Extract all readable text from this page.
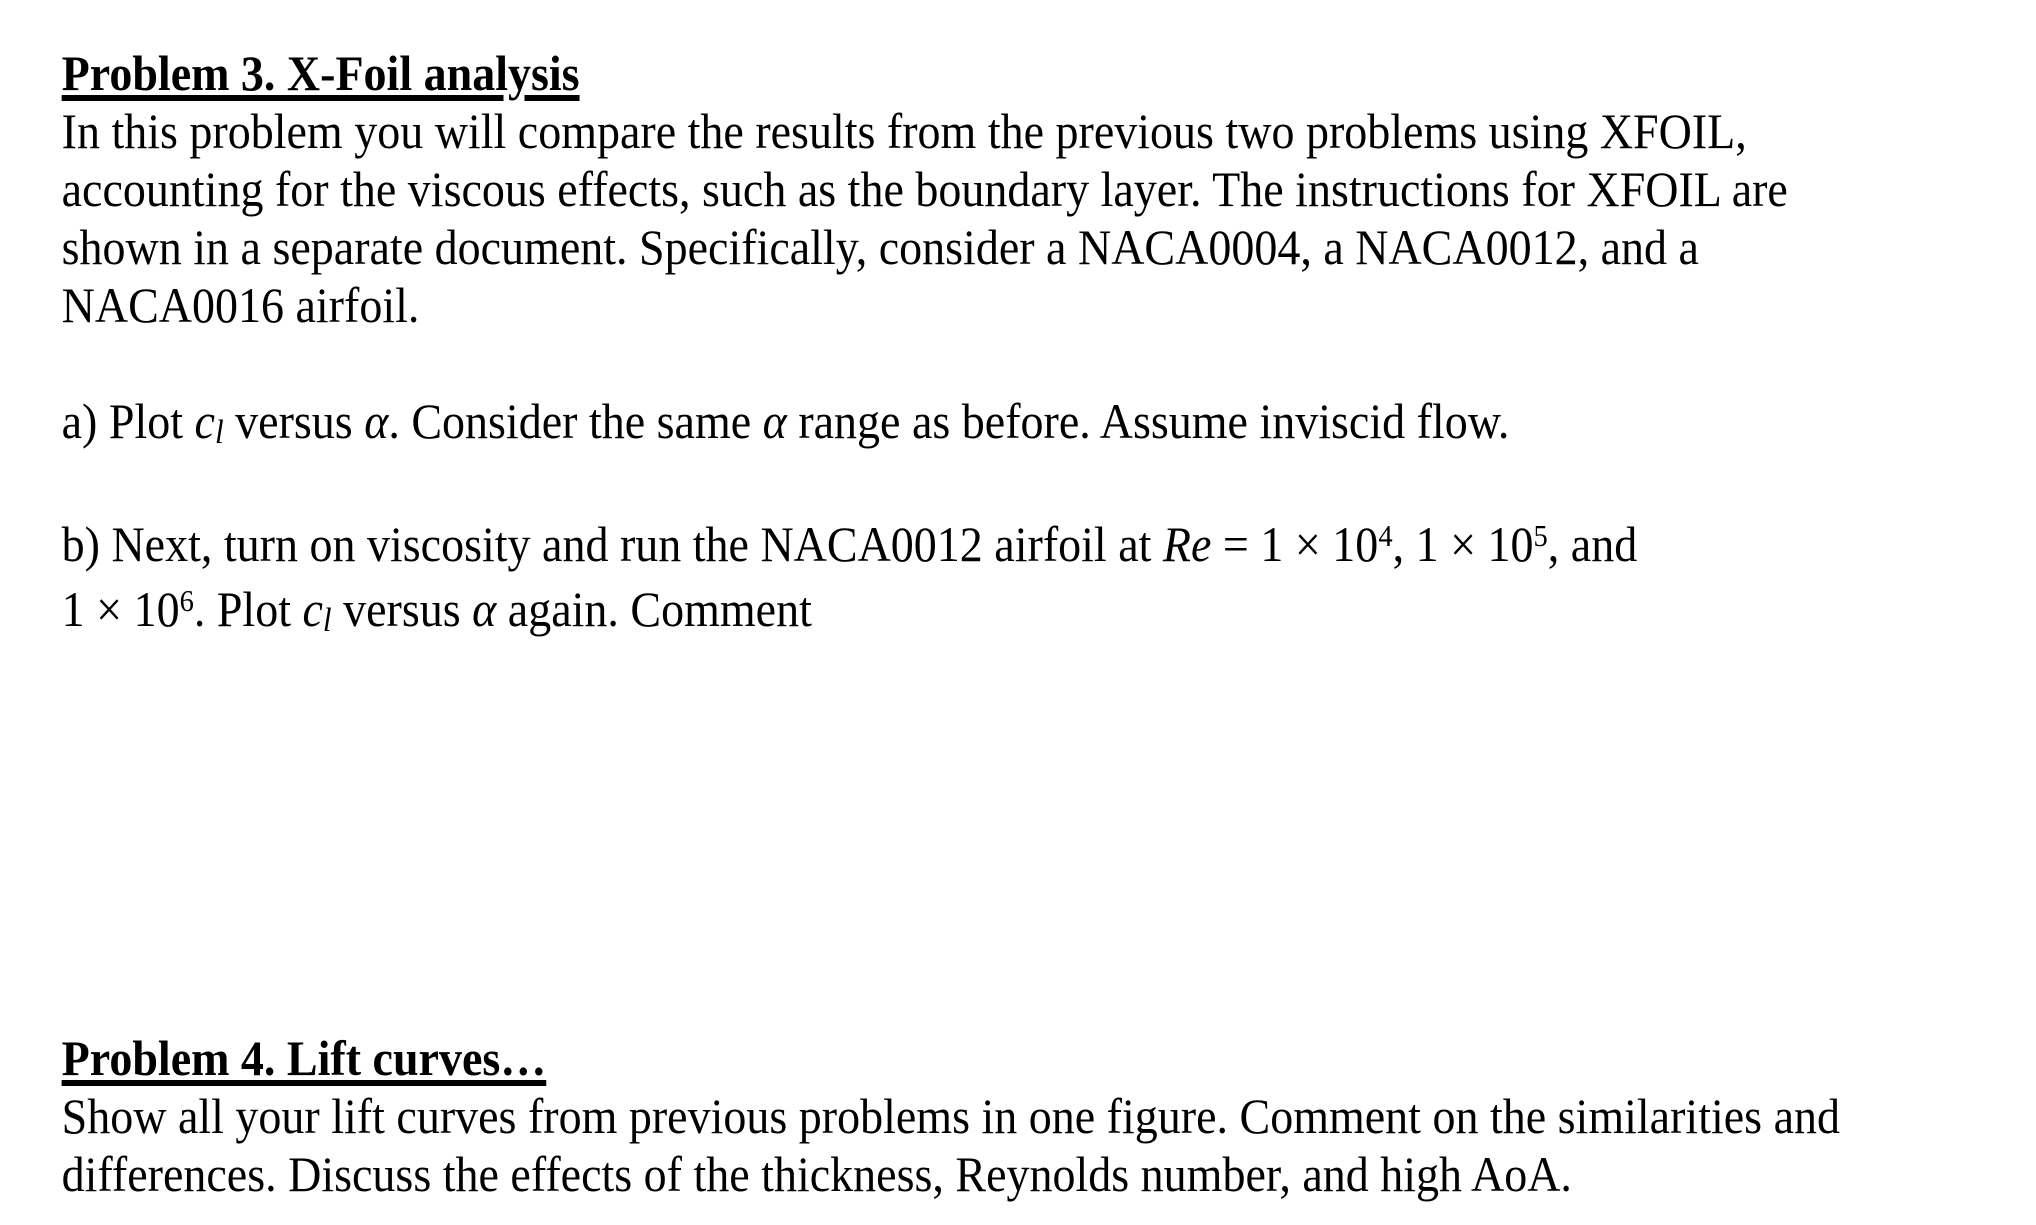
Problem 3. X-Foil analysis
In this problem you will compare the results from the previous two problems using XFOIL,
accounting for the viscous effects, such as the boundary layer. The instructions for XFOIL are
shown in a separate document. Specifically, consider a NACA0004, a NACA0012, and a
NACA0016 airfoil.
a) Plot cl versus α. Consider the same α range as before. Assume inviscid flow.
b) Next, turn on viscosity and run the NACA0012 airfoil at $Re = 1 \times 10^4$, $1 \times 10^5$, and
$1 \times 10^6$. Plot cl versus α again. Comment
Problem 4. Lift curves…
Show all your lift curves from previous problems in one figure. Comment on the similarities and
differences. Discuss the effects of the thickness, Reynolds number, and high AoA.
